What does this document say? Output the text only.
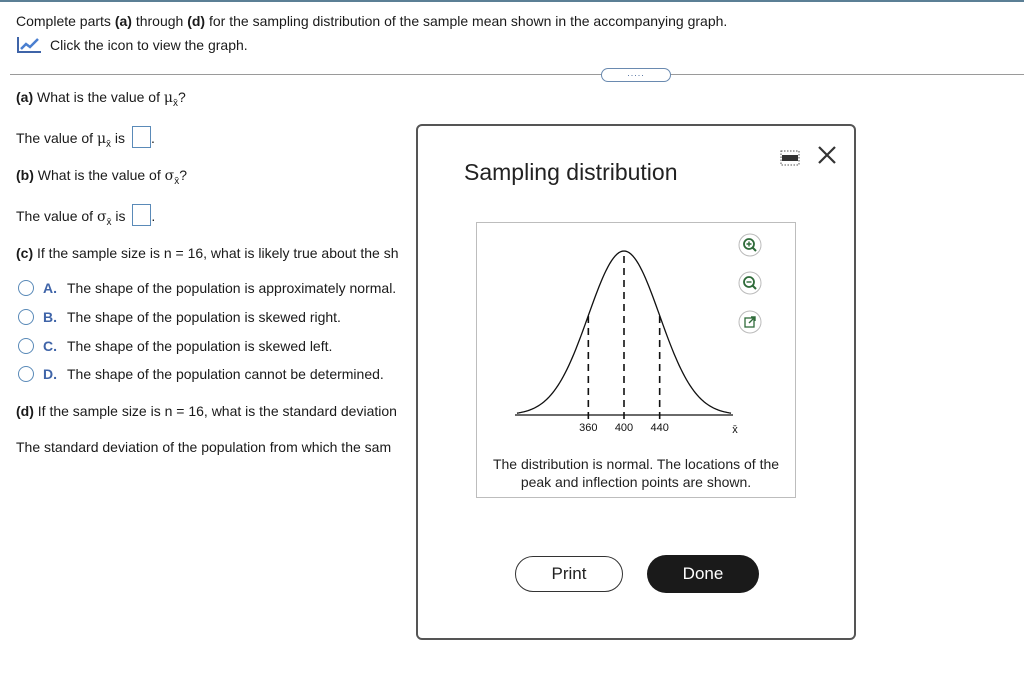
Complete parts (a) through (d) for the sampling distribution of the sample mean shown in the accompanying graph.
Click the icon to view the graph.
.....
(a) What is the value of $\mu_{x̄}$?
The value of $\mu_{x̄}$ is .
(b) What is the value of $\sigma_{x̄}$?
The value of $\sigma_{x̄}$ is .
(c) If the sample size is n = 16, what is likely true about the sh
A. The shape of the population is approximately normal.
B. The shape of the population is skewed right.
C. The shape of the population is skewed left.
D. The shape of the population cannot be determined.
(d) If the sample size is n = 16, what is the standard deviation
The standard deviation of the population from which the sam
Sampling distribution
360 400 440	x̄
The distribution is normal. The locations of the
peak and inflection points are shown.
Print	Done
